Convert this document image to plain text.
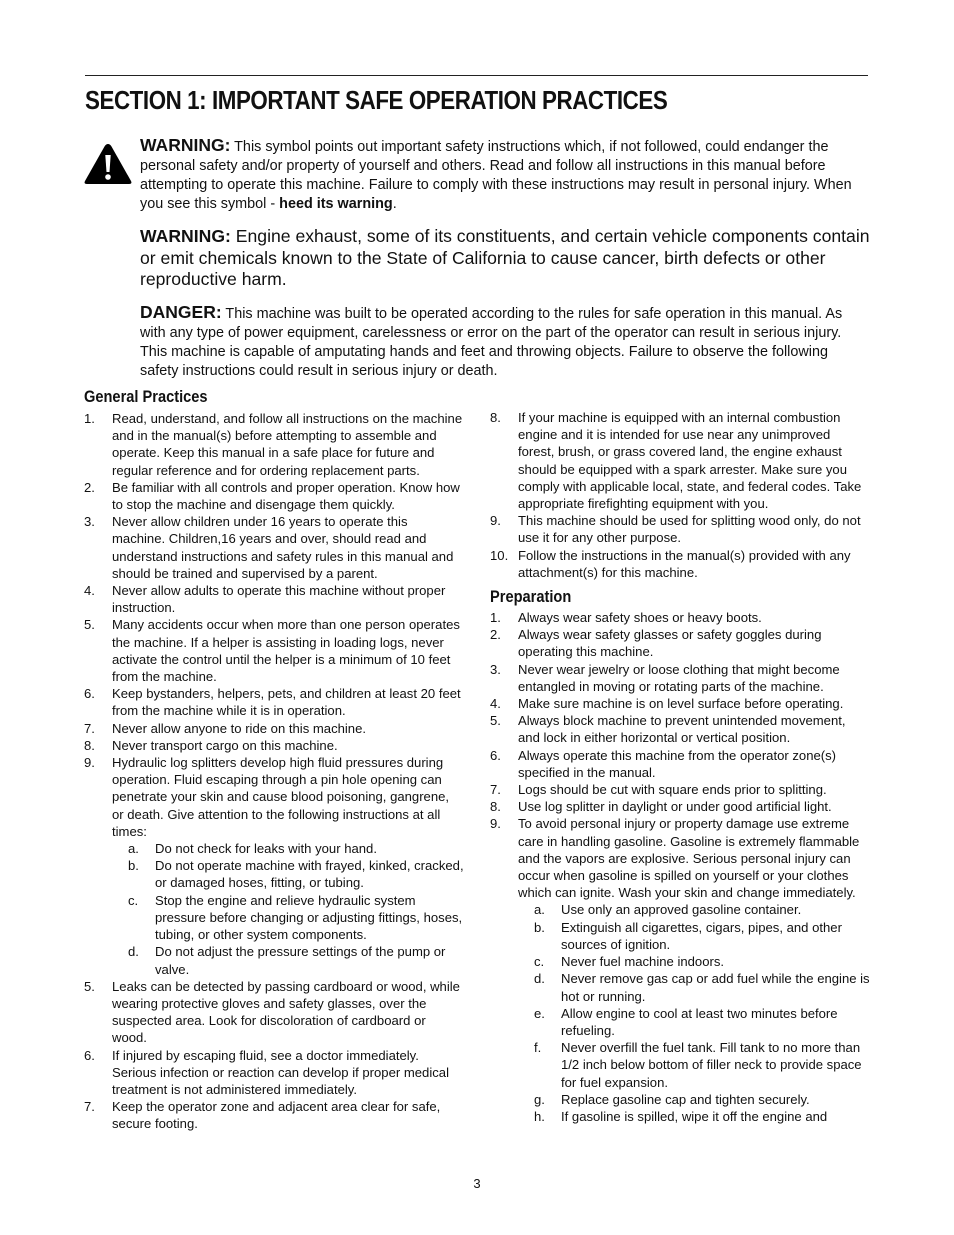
SECTION 1: IMPORTANT SAFE OPERATION PRACTICES

WARNING: This symbol points out important safety instructions which, if not followed, could endanger the personal safety and/or property of yourself and others. Read and follow all instructions in this manual before attempting to operate this machine. Failure to comply with these instructions may result in personal injury. When you see this symbol - heed its warning.

WARNING: Engine exhaust, some of its constituents, and certain vehicle components contain or emit chemicals known to the State of California to cause cancer, birth defects or other reproductive harm.

DANGER: This machine was built to be operated according to the rules for safe operation in this manual. As with any type of power equipment, carelessness or error on the part of the operator can result in serious injury. This machine is capable of amputating hands and feet and throwing objects. Failure to observe the following safety instructions could result in serious injury or death.

General Practices
1. Read, understand, and follow all instructions on the machine and in the manual(s) before attempting to assemble and operate. Keep this manual in a safe place for future and regular reference and for ordering replacement parts.
2. Be familiar with all controls and proper operation. Know how to stop the machine and disengage them quickly.
3. Never allow children under 16 years to operate this machine. Children,16 years and over, should read and understand instructions and safety rules in this manual and should be trained and supervised by a parent.
4. Never allow adults to operate this machine without proper instruction.
5. Many accidents occur when more than one person operates the machine. If a helper is assisting in loading logs, never activate the control until the helper is a minimum of 10 feet from the machine.
6. Keep bystanders, helpers, pets, and children at least 20 feet from the machine while it is in operation.
7. Never allow anyone to ride on this machine.
8. Never transport cargo on this machine.
9. Hydraulic log splitters develop high fluid pressures during operation. Fluid escaping through a pin hole opening can penetrate your skin and cause blood poisoning, gangrene, or death. Give attention to the following instructions at all times:
a. Do not check for leaks with your hand.
b. Do not operate machine with frayed, kinked, cracked, or damaged hoses, fitting, or tubing.
c. Stop the engine and relieve hydraulic system pressure before changing or adjusting fittings, hoses, tubing, or other system components.
d. Do not adjust the pressure settings of the pump or valve.
5. Leaks can be detected by passing cardboard or wood, while wearing protective gloves and safety glasses, over the suspected area. Look for discoloration of cardboard or wood.
6. If injured by escaping fluid, see a doctor immediately. Serious infection or reaction can develop if proper medical treatment is not administered immediately.
7. Keep the operator zone and adjacent area clear for safe, secure footing.
8. If your machine is equipped with an internal combustion engine and it is intended for use near any unimproved forest, brush, or grass covered land, the engine exhaust should be equipped with a spark arrester. Make sure you comply with applicable local, state, and federal codes. Take appropriate firefighting equipment with you.
9. This machine should be used for splitting wood only, do not use it for any other purpose.
10. Follow the instructions in the manual(s) provided with any attachment(s) for this machine.
Preparation
1. Always wear safety shoes or heavy boots.
2. Always wear safety glasses or safety goggles during operating this machine.
3. Never wear jewelry or loose clothing that might become entangled in moving or rotating parts of the machine.
4. Make sure machine is on level surface before operating.
5. Always block machine to prevent unintended movement, and lock in either horizontal or vertical position.
6. Always operate this machine from the operator zone(s) specified in the manual.
7. Logs should be cut with square ends prior to splitting.
8. Use log splitter in daylight or under good artificial light.
9. To avoid personal injury or property damage use extreme care in handling gasoline. Gasoline is extremely flammable and the vapors are explosive. Serious personal injury can occur when gasoline is spilled on yourself or your clothes which can ignite. Wash your skin and change immediately.
a. Use only an approved gasoline container.
b. Extinguish all cigarettes, cigars, pipes, and other sources of ignition.
c. Never fuel machine indoors.
d. Never remove gas cap or add fuel while the engine is hot or running.
e. Allow engine to cool at least two minutes before refueling.
f. Never overfill the fuel tank. Fill tank to no more than 1/2 inch below bottom of filler neck to provide space for fuel expansion.
g. Replace gasoline cap and tighten securely.
h. If gasoline is spilled, wipe it off the engine and
3
